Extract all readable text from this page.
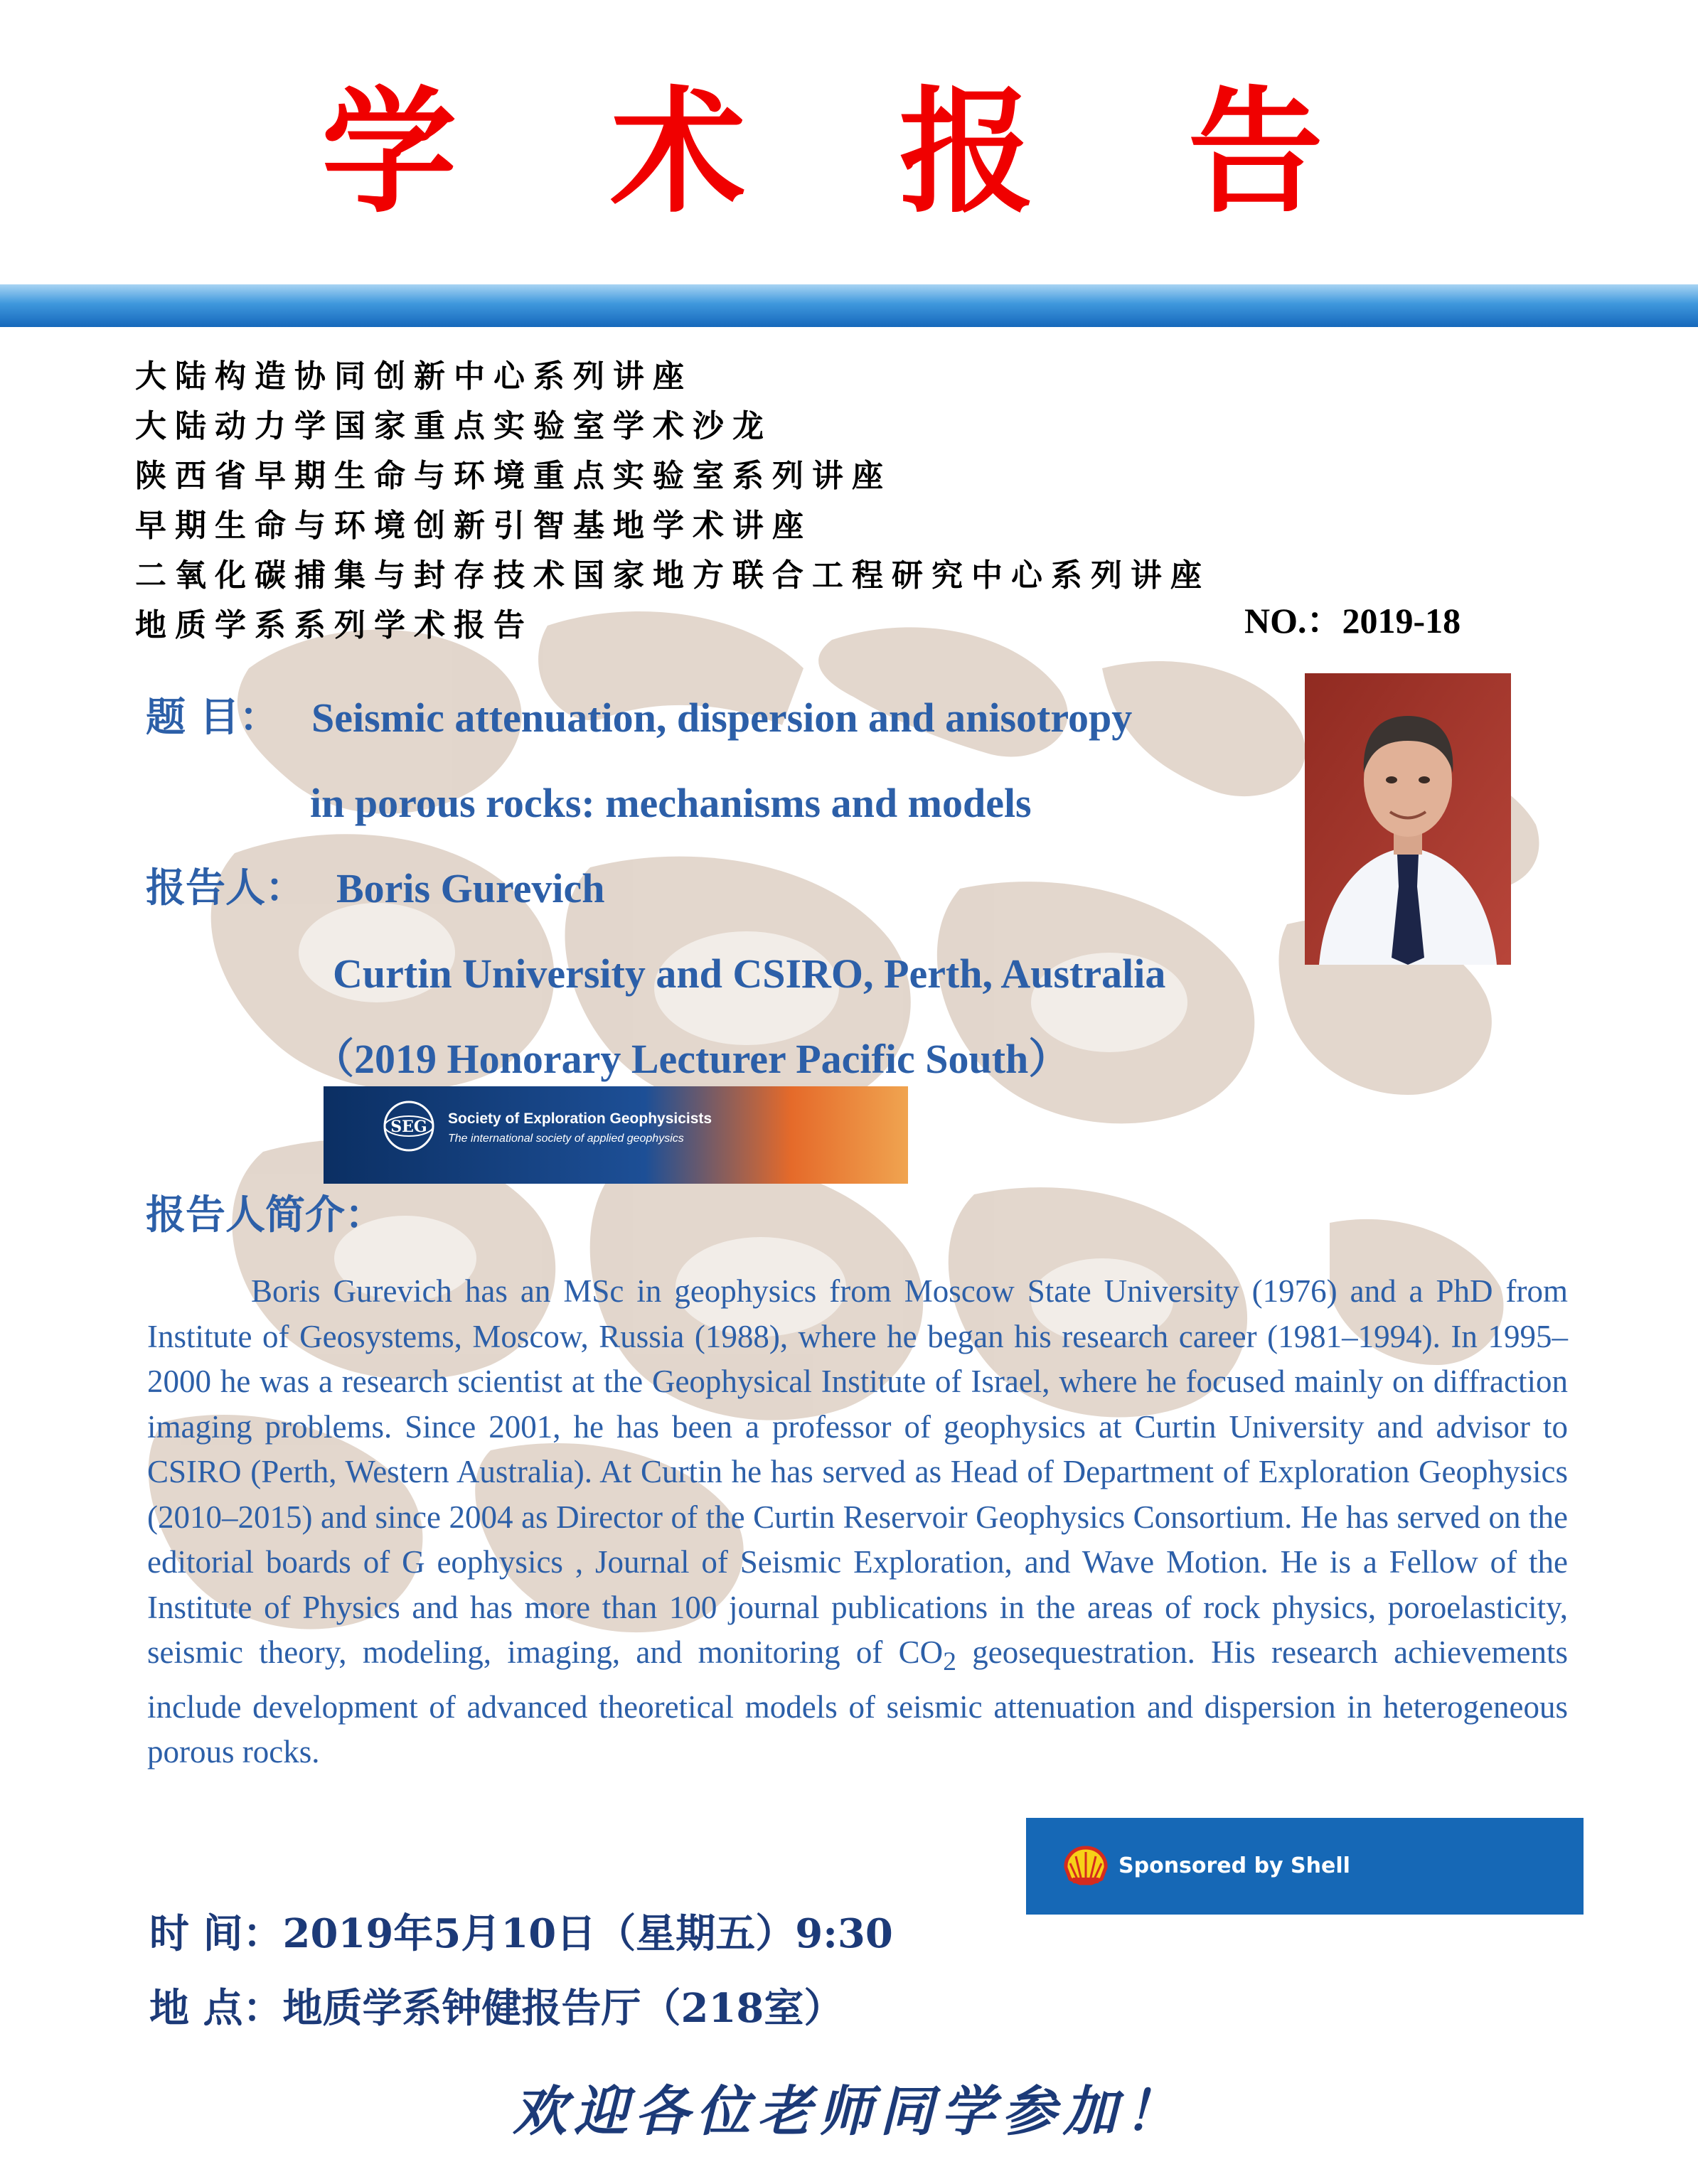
学 术 报 告
大陆构造协同创新中心系列讲座
大陆动力学国家重点实验室学术沙龙
陕西省早期生命与环境重点实验室系列讲座
早期生命与环境创新引智基地学术讲座
二氧化碳捕集与封存技术国家地方联合工程研究中心系列讲座
地质学系系列学术报告	NO.：2019-18
题 目： Seismic attenuation, dispersion and anisotropy
in porous rocks: mechanisms and models
报告人： Boris Gurevich
Curtin University and CSIRO, Perth, Australia
（2019 Honorary Lecturer Pacific South）
SEG Society of Exploration Geophysicists
The international society of applied geophysics
报告人简介：
Boris Gurevich has an MSc in geophysics from Moscow State University (1976) and a PhD from Institute of Geosystems, Moscow, Russia (1988), where he began his research career (1981–1994). In 1995–2000 he was a research scientist at the Geophysical Institute of Israel, where he focused mainly on diffraction imaging problems. Since 2001, he has been a professor of geophysics at Curtin University and advisor to CSIRO (Perth, Western Australia). At Curtin he has served as Head of Department of Exploration Geophysics (2010–2015) and since 2004 as Director of the Curtin Reservoir Geophysics Consortium. He has served on the editorial boards of G eophysics , Journal of Seismic Exploration, and Wave Motion. He is a Fellow of the Institute of Physics and has more than 100 journal publications in the areas of rock physics, poroelasticity, seismic theory, modeling, imaging, and monitoring of $CO_2$ geosequestration. His research achievements include development of advanced theoretical models of seismic attenuation and dispersion in heterogeneous porous rocks.
Sponsored by Shell
时 间：2019年5月10日（星期五）9:30
地 点：地质学系钟健报告厅（218室）
欢迎各位老师同学参加！
